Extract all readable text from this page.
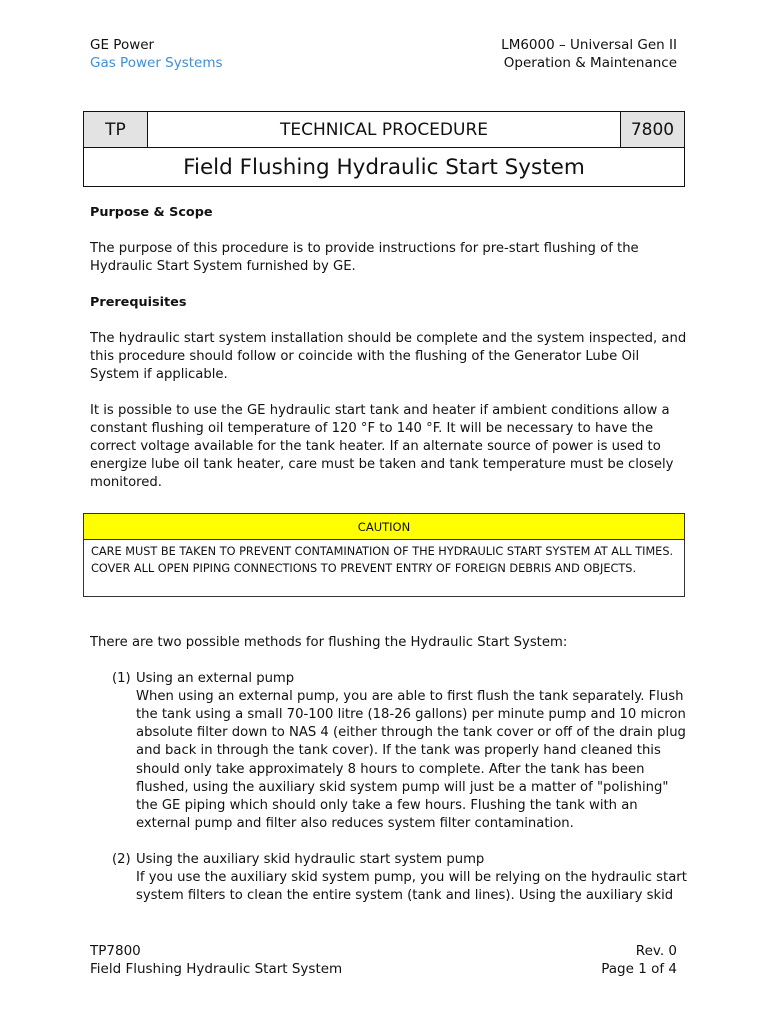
GE Power
Gas Power Systems
LM6000 – Universal Gen II
Operation & Maintenance
TP	TECHNICAL PROCEDURE	7800
Field Flushing Hydraulic Start System

Purpose & Scope

The purpose of this procedure is to provide instructions for pre-start flushing of the Hydraulic Start System furnished by GE.

Prerequisites

The hydraulic start system installation should be complete and the system inspected, and this procedure should follow or coincide with the flushing of the Generator Lube Oil System if applicable.

It is possible to use the GE hydraulic start tank and heater if ambient conditions allow a constant flushing oil temperature of 120 °F to 140 °F. It will be necessary to have the correct voltage available for the tank heater. If an alternate source of power is used to energize lube oil tank heater, care must be taken and tank temperature must be closely monitored.

CAUTION
CARE MUST BE TAKEN TO PREVENT CONTAMINATION OF THE HYDRAULIC START SYSTEM AT ALL TIMES. COVER ALL OPEN PIPING CONNECTIONS TO PREVENT ENTRY OF FOREIGN DEBRIS AND OBJECTS.

There are two possible methods for flushing the Hydraulic Start System:

(1) Using an external pump
When using an external pump, you are able to first flush the tank separately. Flush the tank using a small 70-100 litre (18-26 gallons) per minute pump and 10 micron absolute filter down to NAS 4 (either through the tank cover or off of the drain plug and back in through the tank cover). If the tank was properly hand cleaned this should only take approximately 8 hours to complete. After the tank has been flushed, using the auxiliary skid system pump will just be a matter of "polishing" the GE piping which should only take a few hours. Flushing the tank with an external pump and filter also reduces system filter contamination.
(2) Using the auxiliary skid hydraulic start system pump
If you use the auxiliary skid system pump, you will be relying on the hydraulic start system filters to clean the entire system (tank and lines). Using the auxiliary skid
TP7800
Field Flushing Hydraulic Start System
Rev. 0
Page 1 of 4
